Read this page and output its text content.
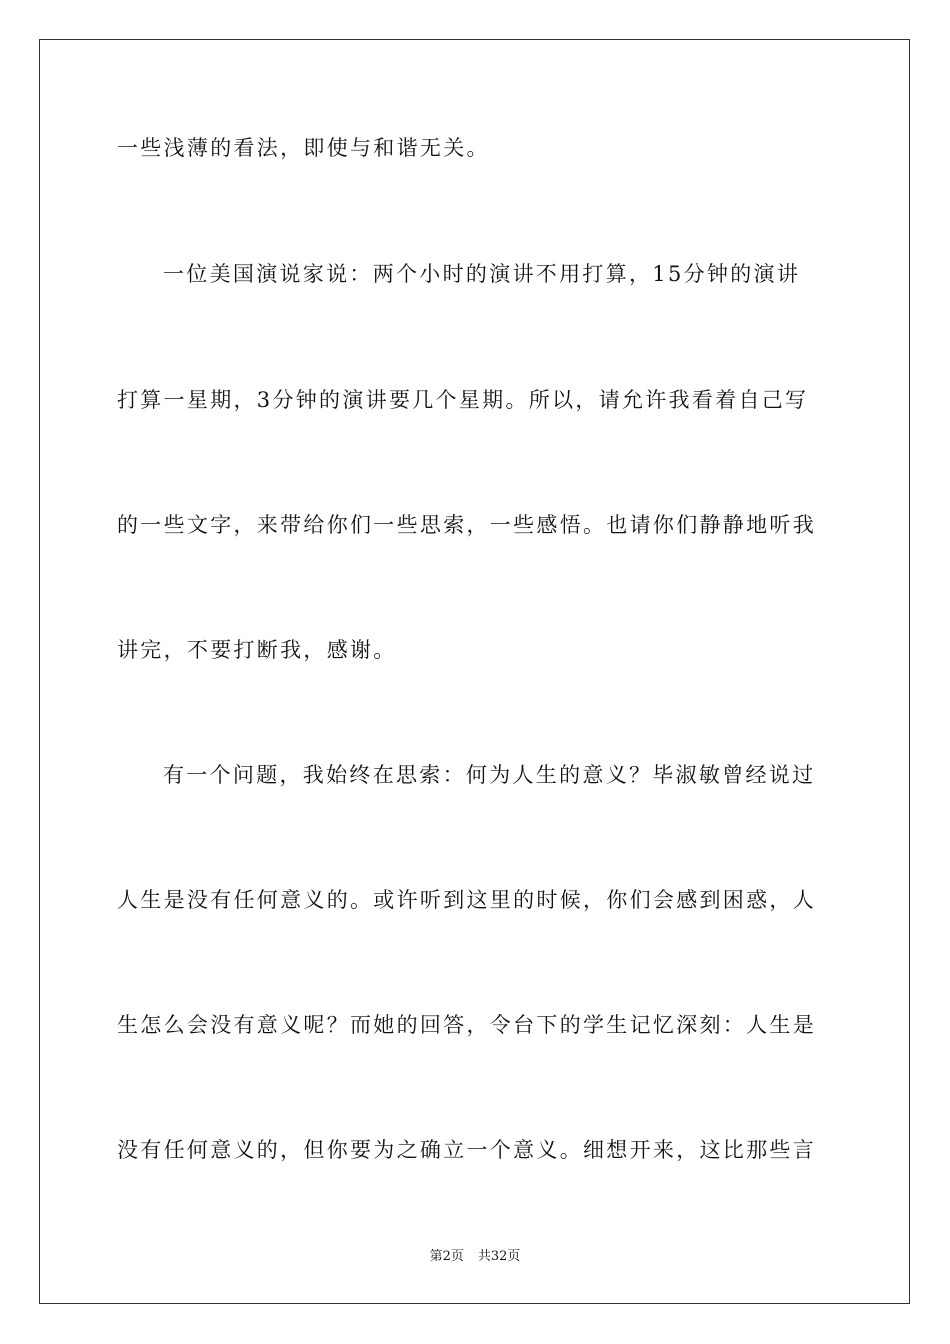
一些浅薄的看法，即使与和谐无关。
一位美国演说家说：两个小时的演讲不用打算，15分钟的演讲
打算一星期，3分钟的演讲要几个星期。所以，请允许我看着自己写
的一些文字，来带给你们一些思索，一些感悟。也请你们静静地听我
讲完，不要打断我，感谢。
有一个问题，我始终在思索：何为人生的意义？毕淑敏曾经说过
人生是没有任何意义的。或许听到这里的时候，你们会感到困惑，人
生怎么会没有意义呢？而她的回答，令台下的学生记忆深刻：人生是
没有任何意义的，但你要为之确立一个意义。细想开来，这比那些言
第2页 共32页
